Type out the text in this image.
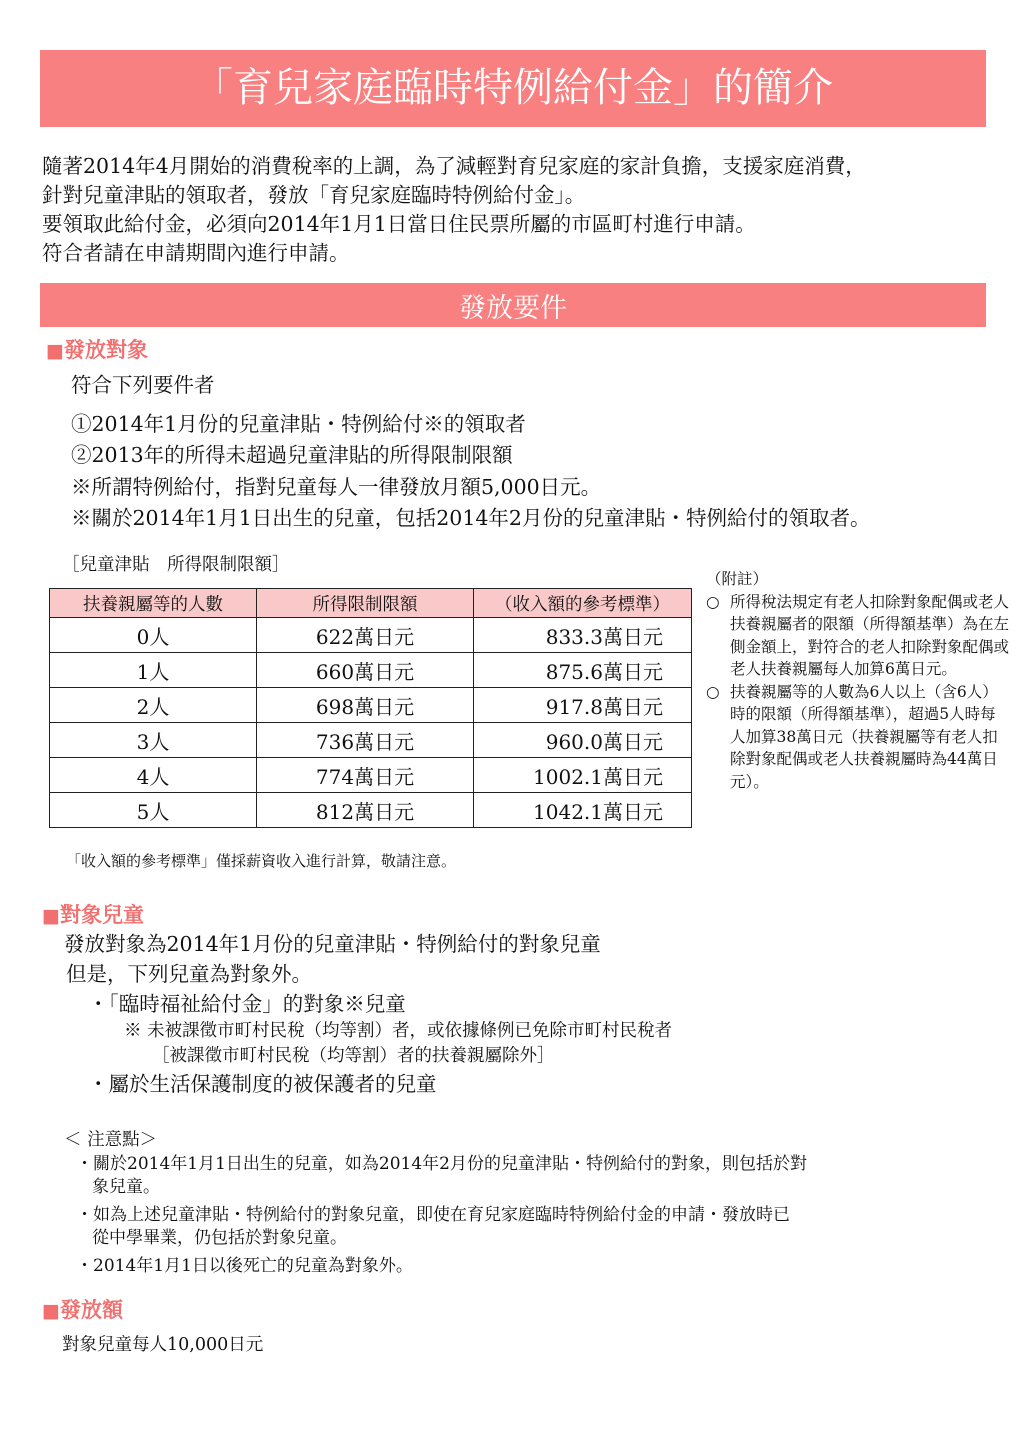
「育兒家庭臨時特例給付金」的簡介
隨著2014年4月開始的消費稅率的上調，為了減輕對育兒家庭的家計負擔，支援家庭消費，
針對兒童津貼的領取者，發放「育兒家庭臨時特例給付金」。
要領取此給付金，必須向2014年1月1日當日住民票所屬的市區町村進行申請。
符合者請在申請期間內進行申請。
發放要件
■發放對象
符合下列要件者
①2014年1月份的兒童津貼・特例給付※的領取者
②2013年的所得未超過兒童津貼的所得限制限額
※所謂特例給付，指對兒童每人一律發放月額5,000日元。
※關於2014年1月1日出生的兒童，包括2014年2月份的兒童津貼・特例給付的領取者。
［兒童津貼　所得限制限額］
扶養親屬等的人數	所得限制限額	（收入額的參考標準）
0人	622萬日元	833.3萬日元
1人	660萬日元	875.6萬日元
2人	698萬日元	917.8萬日元
3人	736萬日元	960.0萬日元
4人	774萬日元	1002.1萬日元
5人	812萬日元	1042.1萬日元
「收入額的參考標準」僅採薪資收入進行計算，敬請注意。
（附註）
○ 所得稅法規定有老人扣除對象配偶或老人扶養親屬者的限額（所得額基準）為在左側金額上，對符合的老人扣除對象配偶或老人扶養親屬每人加算6萬日元。
○ 扶養親屬等的人數為6人以上（含6人）時的限額（所得額基準），超過5人時每人加算38萬日元（扶養親屬等有老人扣除對象配偶或老人扶養親屬時為44萬日元）。
■對象兒童
發放對象為2014年1月份的兒童津貼・特例給付的對象兒童
但是，下列兒童為對象外。
・「臨時福祉給付金」的對象※兒童
※ 未被課徵市町村民稅（均等割）者，或依據條例已免除市町村民稅者
［被課徵市町村民稅（均等割）者的扶養親屬除外］
・屬於生活保護制度的被保護者的兒童
＜ 注意點＞
・關於2014年1月1日出生的兒童，如為2014年2月份的兒童津貼・特例給付的對象，則包括於對
象兒童。
・如為上述兒童津貼・特例給付的對象兒童，即使在育兒家庭臨時特例給付金的申請・發放時已
從中學畢業，仍包括於對象兒童。
・2014年1月1日以後死亡的兒童為對象外。
■發放額
對象兒童每人10,000日元
